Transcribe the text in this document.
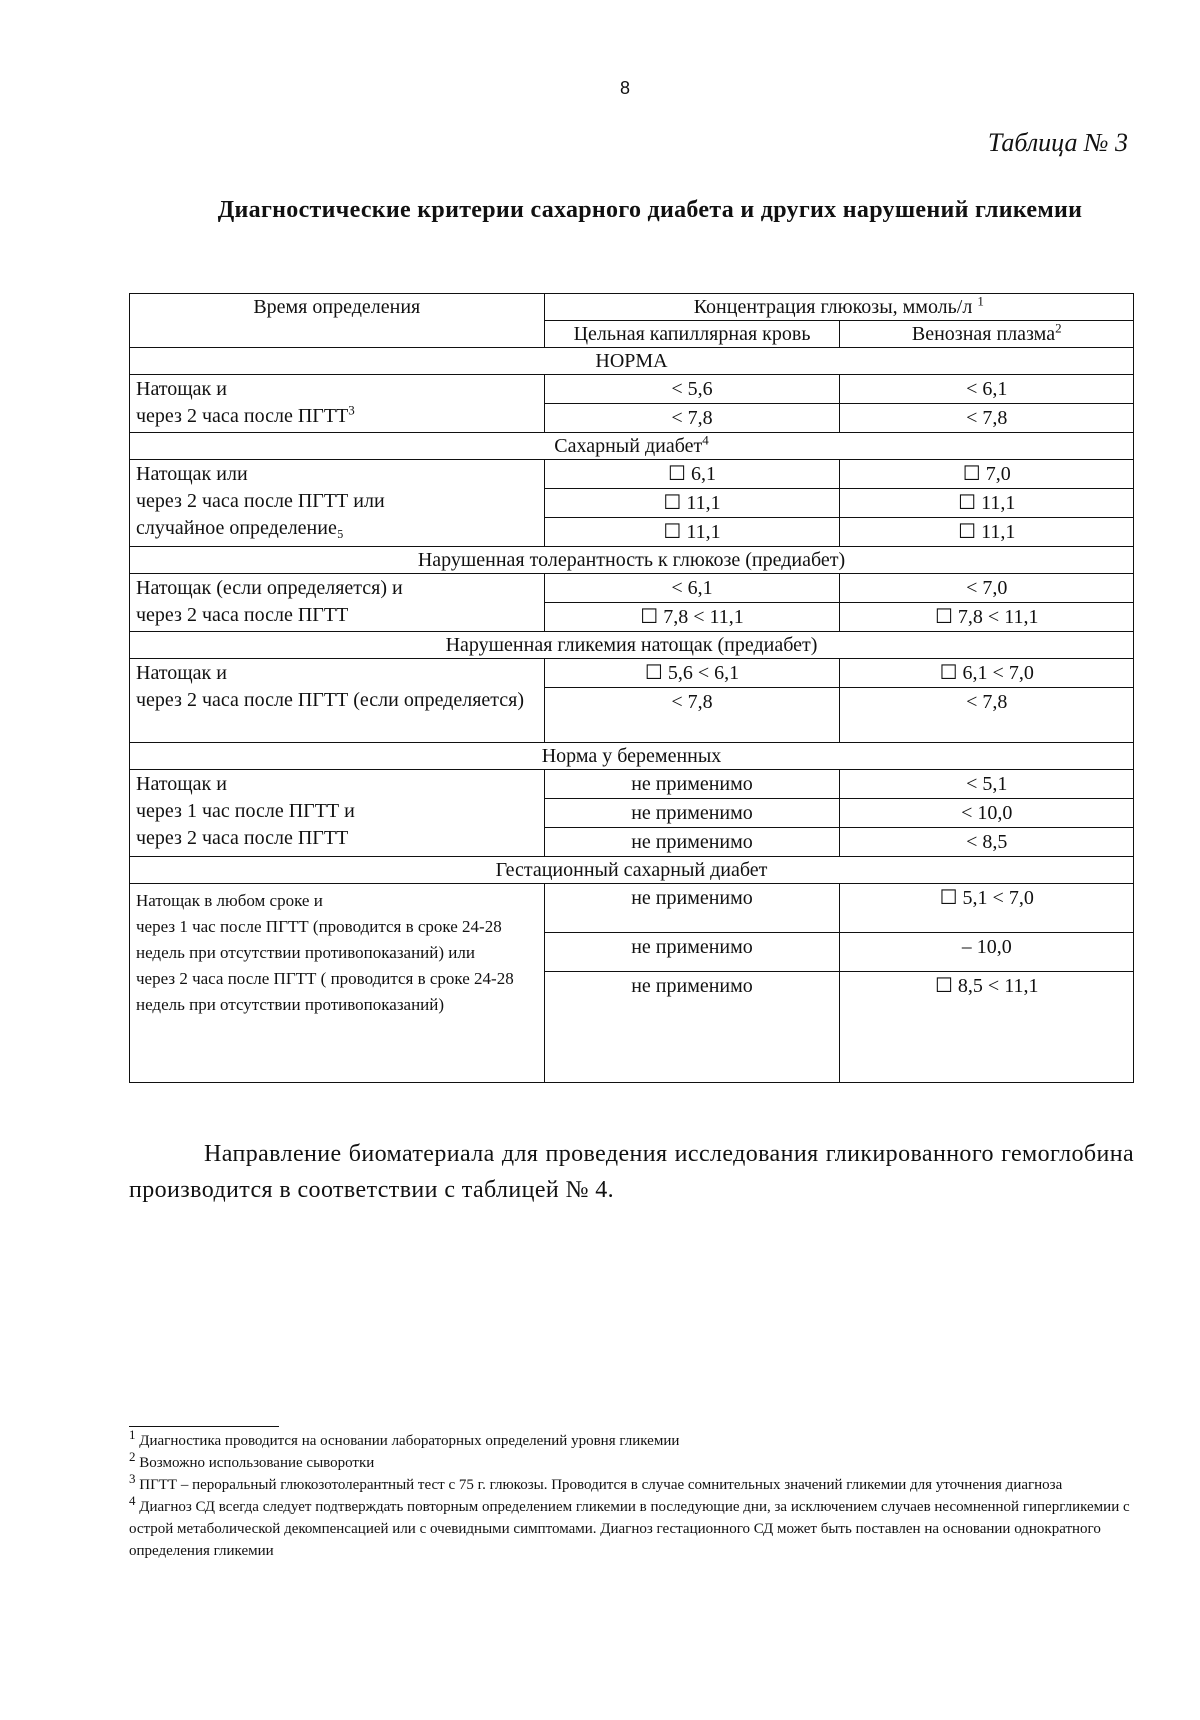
8
Таблица № 3
Диагностические критерии сахарного диабета и других нарушений гликемии
Время определения	Концентрация глюкозы, ммоль/л $^1$
	Цельная капиллярная кровь	Венозная плазма$^2$
НОРМА		

Натощак и
через 2 часа после $ПГТТ^3$	< 5,6	< 6,1
	< 7,8	< 7,8
Сахарный диабет$^4$

Натощак или
через 2 часа после ПГТТ или
случайное определение₅	☐ 6,1	☐ 7,0
	☐ 11,1	☐ 11,1
	☐ 11,1	☐ 11,1
Нарушенная толерантность к глюкозе (предиабет)		

Натощак (если определяется) и
через 2 часа после ПГТТ	< 6,1	< 7,0
	☐ 7,8 < 11,1	☐ 7,8 < 11,1
Нарушенная гликемия натощак (предиабет)		

Натощак и
через 2 часа после ПГТТ (если определяется)	☐ 5,6 < 6,1	☐ 6,1 < 7,0
	< 7,8	< 7,8
Норма у беременных		

Натощак и
через 1 час после ПГТТ и
через 2 часа после ПГТТ	не применимо	< 5,1
	не применимо	< 10,0
	не применимо	< 8,5
Гестационный сахарный диабет		
Натощак в любом сроке и
через 1 час после ПГТТ (проводится в сроке 24-28 недель при отсутствии противопоказаний) или
через 2 часа после ПГТТ ( проводится в сроке 24-28 недель при отсутствии противопоказаний)	не применимо	☐ 5,1 < 7,0
	не применимо	⎯ 10,0
	не применимо	☐ 8,5 < 11,1
Направление биоматериала для проведения исследования гликированного гемоглобина производится в соответствии с таблицей № 4.

$^1$ Диагностика проводится на основании лабораторных определений уровня гликемии

$^2$ Возможно использование сыворотки

$^3$ ПГТТ – пероральный глюкозотолерантный тест с 75 г. глюкозы. Проводится в случае сомнительных значений гликемии для уточнения диагноза

$^4$ Диагноз СД всегда следует подтверждать повторным определением гликемии в последующие дни, за исключением случаев несомненной гипергликемии с острой метаболической декомпенсацией или с очевидными симптомами. Диагноз гестационного СД может быть поставлен на основании однократного определения гликемии
